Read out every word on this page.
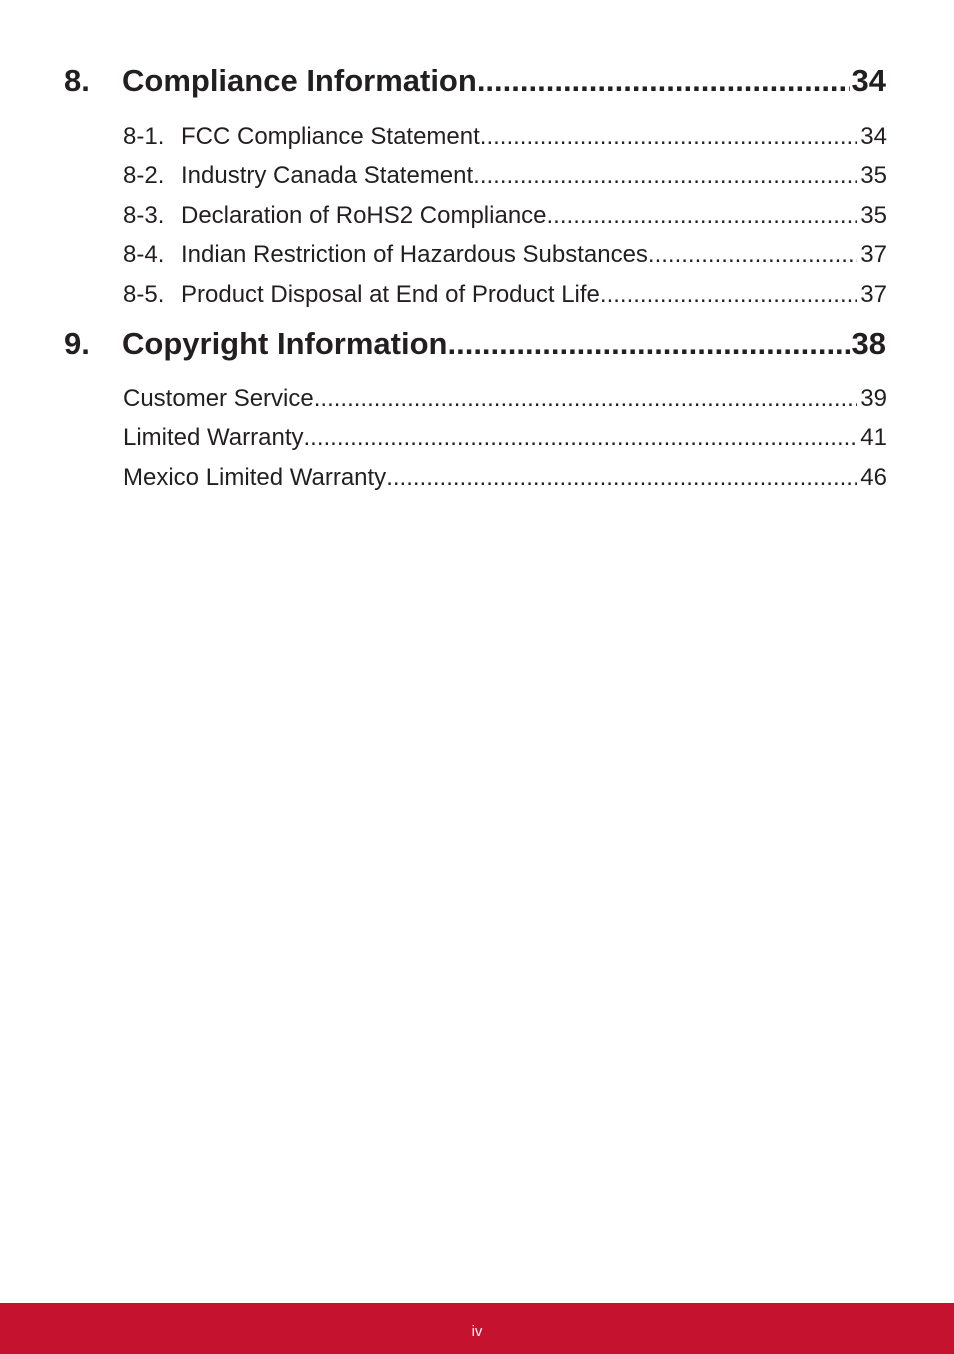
8.	Compliance Information .....	34
8-1. FCC Compliance Statement .....	34
8-2. Industry Canada Statement .....	35
8-3. Declaration of RoHS2 Compliance .....	35
8-4. Indian Restriction of Hazardous Substances .....	37
8-5. Product Disposal at End of Product Life .....	37
9.	Copyright Information .....	38
Customer Service .....	39
Limited Warranty .....	41
Mexico Limited Warranty .....	46
iv
